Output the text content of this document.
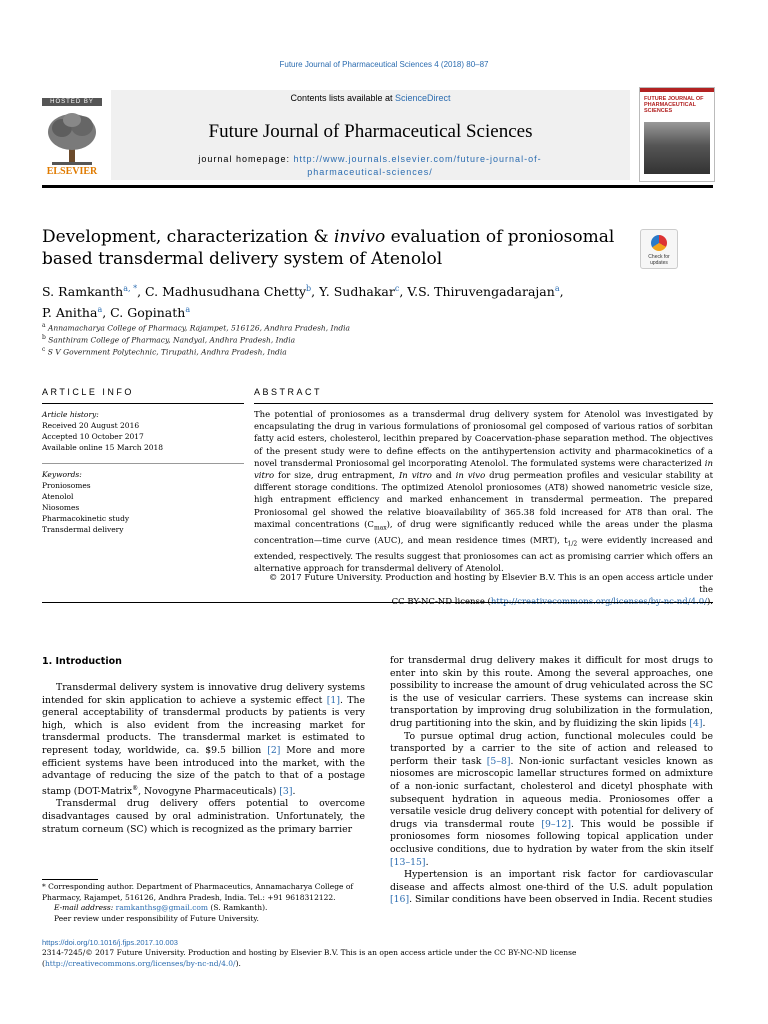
Future Journal of Pharmaceutical Sciences 4 (2018) 80–87
HOSTED BY
ELSEVIER
Contents lists available at ScienceDirect
Future Journal of Pharmaceutical Sciences
journal homepage: http://www.journals.elsevier.com/future-journal-of-
pharmaceutical-sciences/
FUTURE JOURNAL OF PHARMACEUTICAL SCIENCES
Development, characterization & invivo evaluation of proniosomal
based transdermal delivery system of Atenolol	Check for updates
S. Ramkanth$^{a, *}$, C. Madhusudhana Chetty$^b$, Y. Sudhakar$^c$, V.S. Thiruvengadarajan$^a$,
P. Anitha$^a$, C. Gopinath$^a$
$^a$ Annamacharya College of Pharmacy, Rajampet, 516126, Andhra Pradesh, India
$^b$ Santhiram College of Pharmacy, Nandyal, Andhra Pradesh, India
$^c$ S V Government Polytechnic, Tirupathi, Andhra Pradesh, India
ARTICLE INFO
Article history:
Received 20 August 2016
Accepted 10 October 2017
Available online 15 March 2018
Keywords:
Proniosomes
Atenolol
Niosomes
Pharmacokinetic study
Transdermal delivery
ABSTRACT
The potential of proniosomes as a transdermal drug delivery system for Atenolol was investigated by encapsulating the drug in various formulations of proniosomal gel composed of various ratios of sorbitan fatty acid esters, cholesterol, lecithin prepared by Coacervation-phase separation method. The objectives of the present study were to define effects on the antihypertension activity and pharmacokinetics of a novel transdermal Proniosomal gel incorporating Atenolol. The formulated systems were characterized in vitro for size, drug entrapment, In vitro and in vivo drug permeation profiles and vesicular stability at different storage conditions. The optimized Atenolol proniosomes (AT8) showed nanometric vesicle size, high entrapment efficiency and marked enhancement in transdermal permeation. The prepared Proniosomal gel showed the relative bioavailability of 365.38 fold increased for AT8 than oral. The maximal concentrations $(C_{max})$, of drug were significantly reduced while the areas under the plasma concentration—time curve (AUC), and mean residence times (MRT), $t_{1/2}$ were evidently increased and extended, respectively. The results suggest that proniosomes can act as promising carrier which offers an alternative approach for transdermal delivery of Atenolol.
© 2017 Future University. Production and hosting by Elsevier B.V. This is an open access article under the

1. Introduction

Transdermal delivery system is innovative drug delivery systems intended for skin application to achieve a systemic effect [1]. The general acceptability of transdermal products by patients is very high, which is also evident from the increasing market for transdermal products. The transdermal market is estimated to represent today, worldwide, ca. $9.5 billion [2] More and more efficient systems have been introduced into the market, with the advantage of reducing the size of the patch to that of a postage stamp (DOT-Matrix®, Novogyne Pharmaceuticals) [3].

Transdermal drug delivery offers potential to overcome disadvantages caused by oral administration. Unfortunately, the stratum corneum (SC) which is recognized as the primary barrier

for transdermal drug delivery makes it difficult for most drugs to enter into skin by this route. Among the several approaches, one possibility to increase the amount of drug vehiculated across the SC is the use of vesicular carriers. These systems can increase skin transportation by improving drug solubilization in the formulation, drug partitioning into the skin, and by fluidizing the skin lipids [4].

To pursue optimal drug action, functional molecules could be transported by a carrier to the site of action and released to perform their task [5–8]. Non-ionic surfactant vesicles known as niosomes are microscopic lamellar structures formed on admixture of a non-ionic surfactant, cholesterol and dicetyl phosphate with subsequent hydration in aqueous media. Proniosomes offer a versatile vesicle drug delivery concept with potential for delivery of drugs via transdermal route [9–12]. This would be possible if proniosomes form niosomes following topical application under occlusive conditions, due to hydration by water from the skin itself [13–15].

Hypertension is an important risk factor for cardiovascular disease and affects almost one-third of the U.S. adult population [16]. Similar conditions have been observed in India. Recent studies

* Corresponding author. Department of Pharmaceutics, Annamacharya College of Pharmacy, Rajampet, 516126, Andhra Pradesh, India. Tel.: +91 9618312122.
E-mail address: ramkanthsg@gmail.com (S. Ramkanth).
Peer review under responsibility of Future University.
https://doi.org/10.1016/j.fjps.2017.10.003
2314-7245/© 2017 Future University. Production and hosting by Elsevier B.V. This is an open access article under the CC BY-NC-ND license (http://creativecommons.org/licenses/by-nc-nd/4.0/).
